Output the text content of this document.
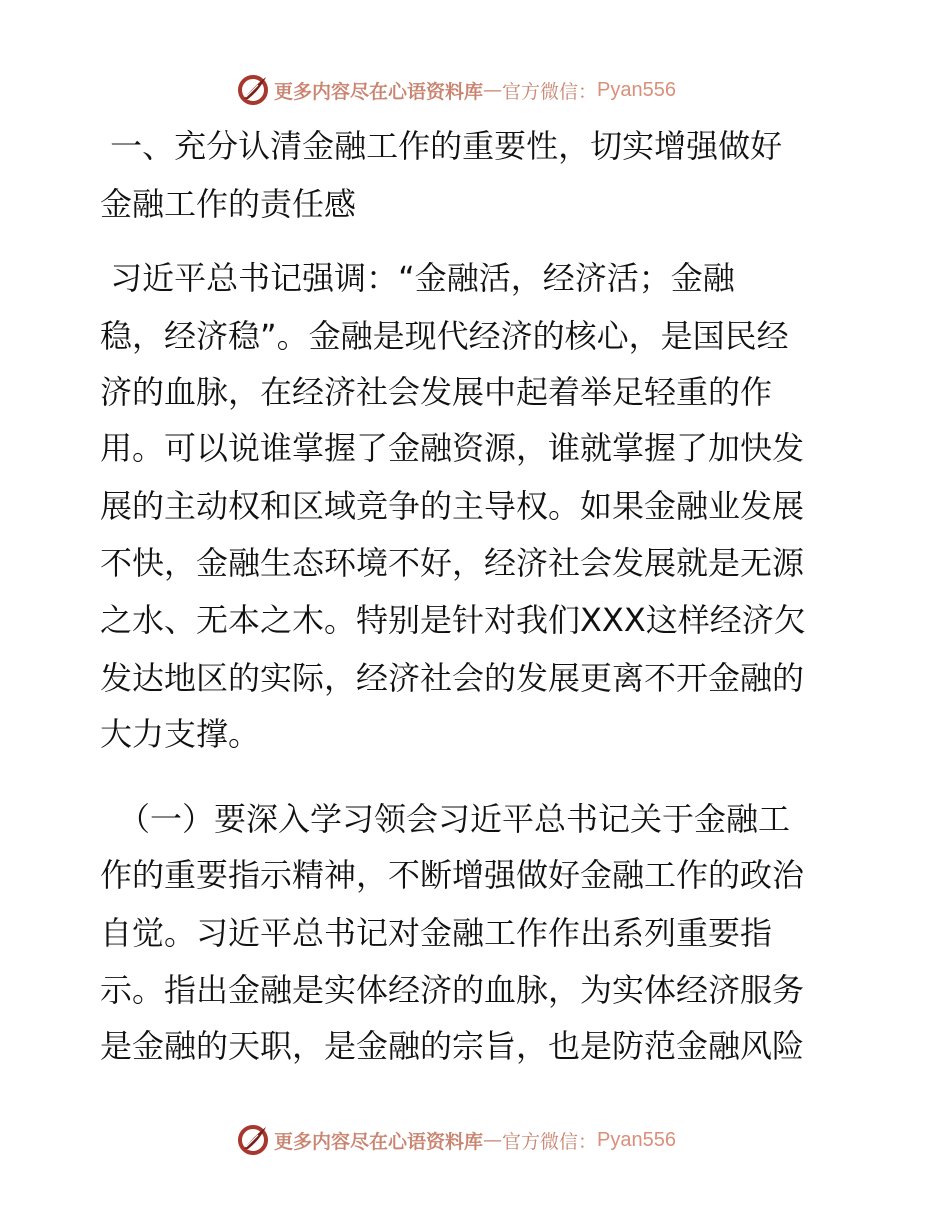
更多内容尽在心语资料库 — 官方微信： Pyan556
一、充分认清金融工作的重要性，切实增强做好
金融工作的责任感
习近平总书记强调：“金融活，经济活；金融
稳，经济稳”。金融是现代经济的核心，是国民经
济的血脉，在经济社会发展中起着举足轻重的作
用。可以说谁掌握了金融资源，谁就掌握了加快发
展的主动权和区域竞争的主导权。如果金融业发展
不快，金融生态环境不好，经济社会发展就是无源
之水、无本之木。特别是针对我们XXX这样经济欠
发达地区的实际，经济社会的发展更离不开金融的
大力支撑。
（一）要深入学习领会习近平总书记关于金融工
作的重要指示精神，不断增强做好金融工作的政治
自觉。习近平总书记对金融工作作出系列重要指
示。指出金融是实体经济的血脉，为实体经济服务
是金融的天职，是金融的宗旨，也是防范金融风险
更多内容尽在心语资料库 — 官方微信： Pyan556
